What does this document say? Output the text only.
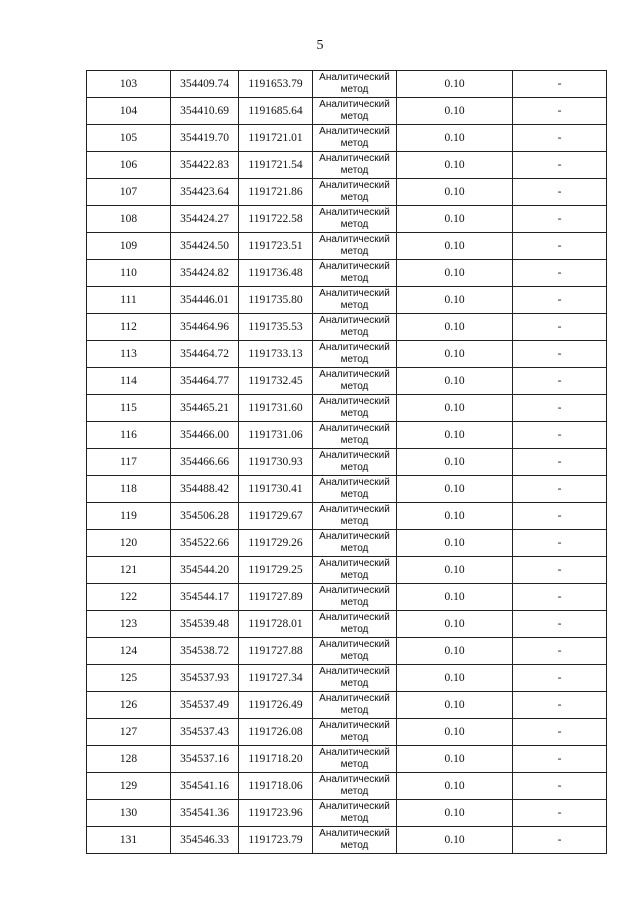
5
103	354409.74	1191653.79	Аналитический метод	0.10	-
104	354410.69	1191685.64	Аналитический метод	0.10	-
105	354419.70	1191721.01	Аналитический метод	0.10	-
106	354422.83	1191721.54	Аналитический метод	0.10	-
107	354423.64	1191721.86	Аналитический метод	0.10	-
108	354424.27	1191722.58	Аналитический метод	0.10	-
109	354424.50	1191723.51	Аналитический метод	0.10	-
110	354424.82	1191736.48	Аналитический метод	0.10	-
111	354446.01	1191735.80	Аналитический метод	0.10	-
112	354464.96	1191735.53	Аналитический метод	0.10	-
113	354464.72	1191733.13	Аналитический метод	0.10	-
114	354464.77	1191732.45	Аналитический метод	0.10	-
115	354465.21	1191731.60	Аналитический метод	0.10	-
116	354466.00	1191731.06	Аналитический метод	0.10	-
117	354466.66	1191730.93	Аналитический метод	0.10	-
118	354488.42	1191730.41	Аналитический метод	0.10	-
119	354506.28	1191729.67	Аналитический метод	0.10	-
120	354522.66	1191729.26	Аналитический метод	0.10	-
121	354544.20	1191729.25	Аналитический метод	0.10	-
122	354544.17	1191727.89	Аналитический метод	0.10	-
123	354539.48	1191728.01	Аналитический метод	0.10	-
124	354538.72	1191727.88	Аналитический метод	0.10	-
125	354537.93	1191727.34	Аналитический метод	0.10	-
126	354537.49	1191726.49	Аналитический метод	0.10	-
127	354537.43	1191726.08	Аналитический метод	0.10	-
128	354537.16	1191718.20	Аналитический метод	0.10	-
129	354541.16	1191718.06	Аналитический метод	0.10	-
130	354541.36	1191723.96	Аналитический метод	0.10	-
131	354546.33	1191723.79	Аналитический метод	0.10	-
